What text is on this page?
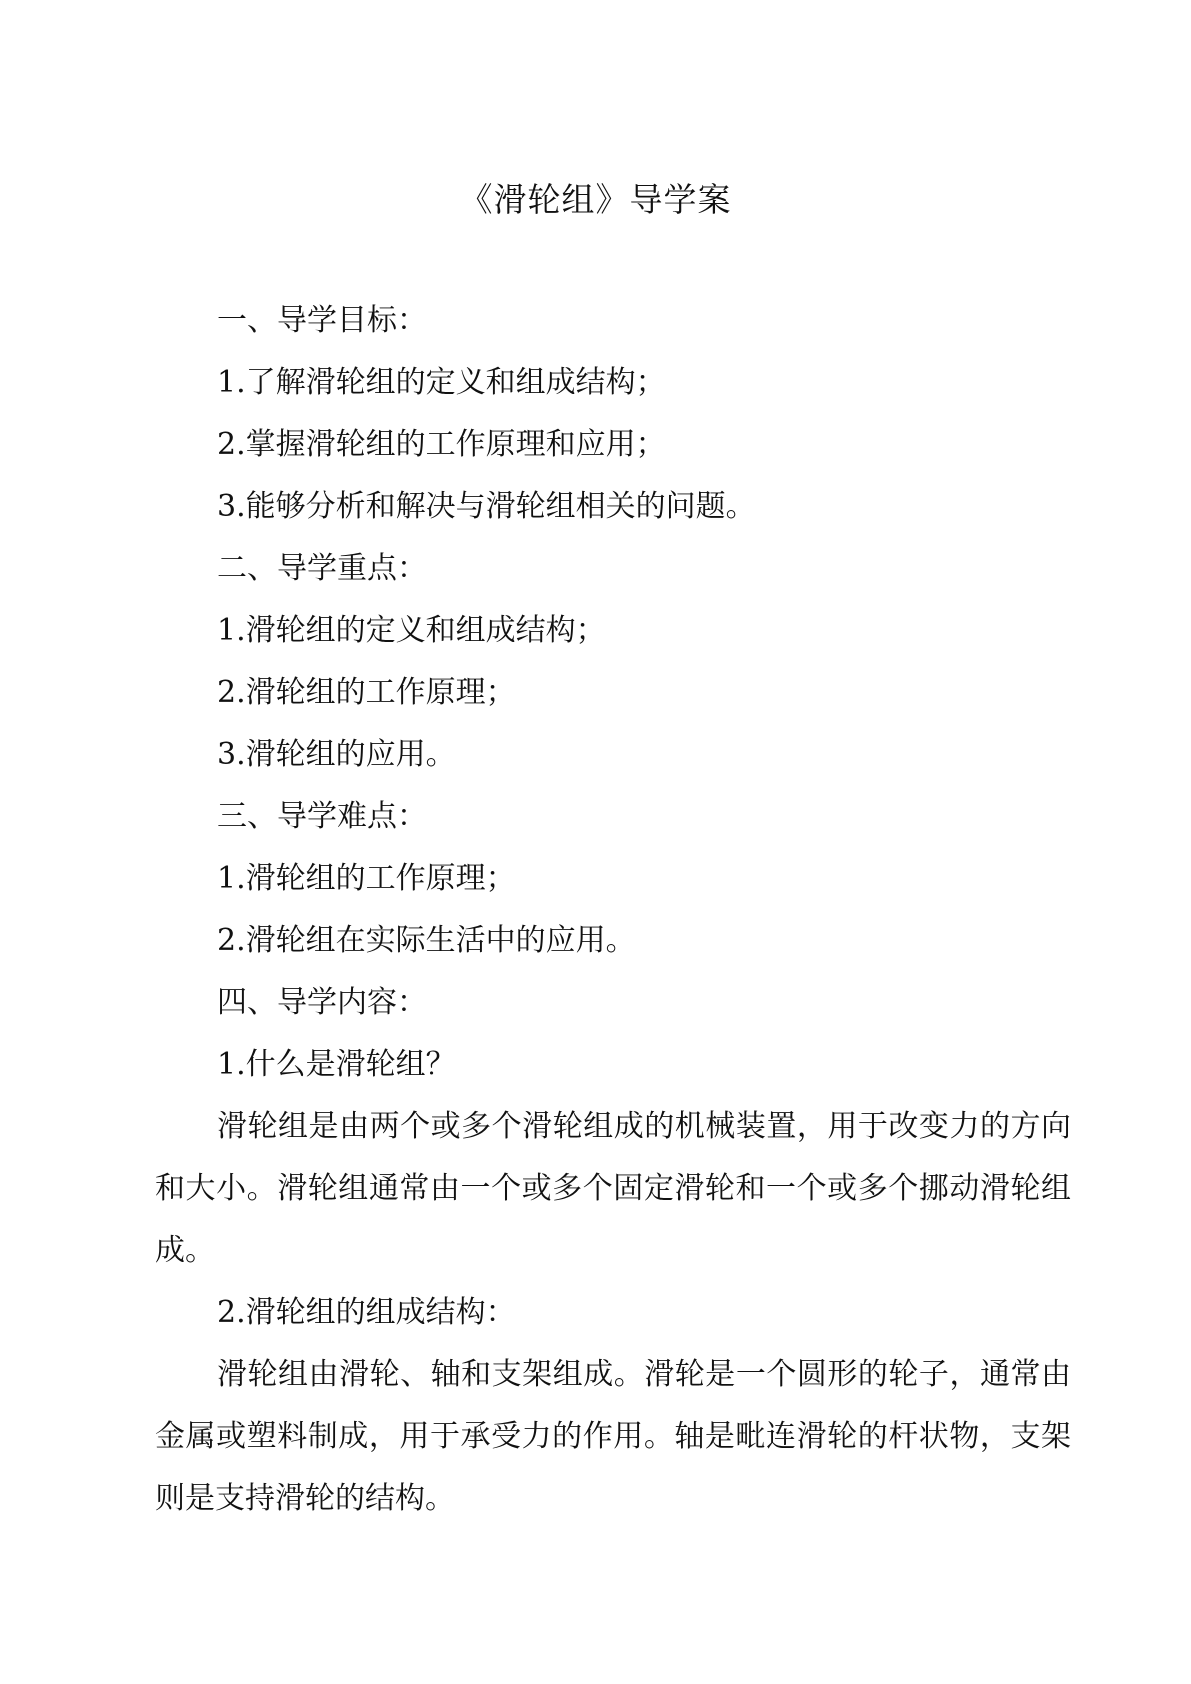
《滑轮组》导学案

一、导学目标：

1.了解滑轮组的定义和组成结构；

2.掌握滑轮组的工作原理和应用；

3.能够分析和解决与滑轮组相关的问题。

二、导学重点：

1.滑轮组的定义和组成结构；

2.滑轮组的工作原理；

3.滑轮组的应用。

三、导学难点：

1.滑轮组的工作原理；

2.滑轮组在实际生活中的应用。

四、导学内容：

1.什么是滑轮组？

滑轮组是由两个或多个滑轮组成的机械装置，用于改变力的方向和大小。滑轮组通常由一个或多个固定滑轮和一个或多个挪动滑轮组成。

2.滑轮组的组成结构：

滑轮组由滑轮、轴和支架组成。滑轮是一个圆形的轮子，通常由金属或塑料制成，用于承受力的作用。轴是毗连滑轮的杆状物，支架则是支持滑轮的结构。
